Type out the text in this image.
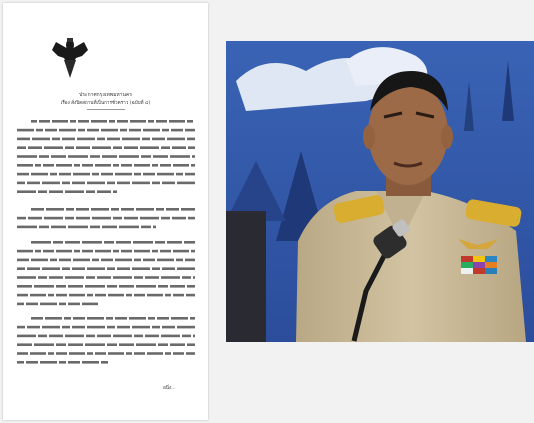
ประกาศกรุงเทพมหานคร
เรื่อง สั่งปิดสถานที่เป็นการชั่วคราว (ฉบับที่ ๔)
อนึ่ง...
